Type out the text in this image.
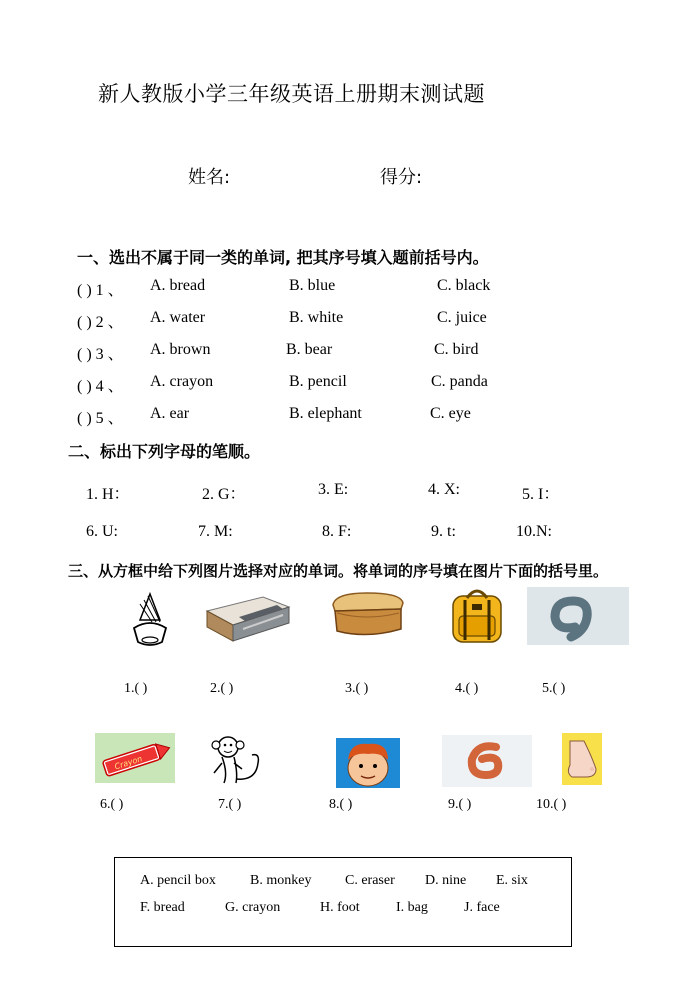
新人教版小学三年级英语上册期末测试题
姓名:	得分:
一、选出不属于同一类的单词, 把其序号填入题前括号内。
( ) 1 、 A. bread	B. blue	C. black
( ) 2 、 A. water	B. white	C. juice
( ) 3 、 A. brown	B. bear	C. bird
( ) 4 、 A. crayon	B. pencil	C. panda
( ) 5 、 A. ear	B. elephant	C. eye
二、标出下列字母的笔顺。
1. H：	2. G：	3. E:	4. X:	5. I：
6. U:	7. M:	8. F:	9. t:	10.N:
三、从方框中给下列图片选择对应的单词。将单词的序号填在图片下面的括号里。
1.( )	2.( )	3.( )	4.( )	5.( )
Crayon
6.( )	7.( )	8.( )	9.( )	10.( )
A. pencil box B. monkey C. eraser D. nine E. six
F. bread	G. crayon	H. foot	I. bag	J. face
